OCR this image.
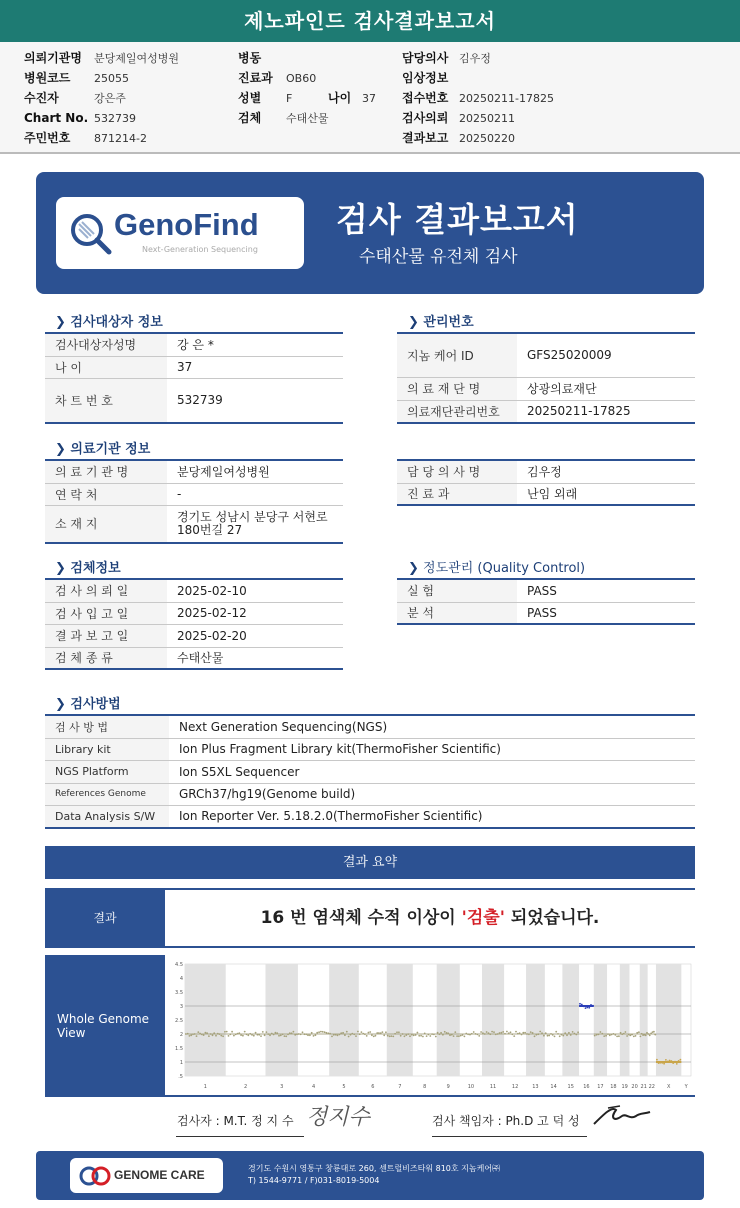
제노파인드 검사결과보고서
의뢰기관명 분당제일여성병원
병원코드 25055
수진자	강은주
Chart No. 532739
주민번호 871214-2
병동
진료과 OB60
성별 F	나이 37
검체 수태산물
담당의사 김우정
임상정보
접수번호 20250211-17825
검사의뢰 20250211
결과보고 20250220
GenoFind
Next-Generation Sequencing
검사 결과보고서
수태산물 유전체 검사
❯ 검사대상자 정보
검사대상자성명	강 은 *
나 이	37
차 트 번 호	532739
❯ 관리번호
지놈 케어 ID	GFS25020009
의 료 재 단 명	상광의료재단
의료재단관리번호	20250211-17825
❯ 의료기관 정보
의 료 기 관 명	분당제일여성병원
연 락 처	-
소 재 지	경기도 성남시 분당구 서현로 180번길 27
담 당 의 사 명	김우정
진 료 과	난임 외래
❯ 검체정보
검 사 의 뢰 일	2025-02-10
검 사 입 고 일	2025-02-12
결 과 보 고 일	2025-02-20
검 체 종 류	수태산물
❯ 정도관리 (Quality Control)
실 험	PASS
분 석	PASS
❯ 검사방법
검 사 방 법	Next Generation Sequencing(NGS)
Library kit	Ion Plus Fragment Library kit(ThermoFisher Scientific)
NGS Platform	Ion S5XL Sequencer
References Genome	GRCh37/hg19(Genome build)
Data Analysis S/W	Ion Reporter Ver. 5.18.2.0(ThermoFisher Scientific)
결과 요약
결과	16 번 염색체 수적 이상이 '검출' 되었습니다.
Whole Genome View
4.5
4
3.5
3
2.5
2
1.5
1
.5
1	2	3	4	5	6	7	8	9	10	11	12	13 14 15 16 17 18 19 20 21 22 X	Y
검사자 : M.T. 정 지 수 정지수	검사 책임자 : Ph.D 고 덕 성
GENOME CARE	경기도 수원시 영통구 창룡대로 260, 센트럴비즈타워 810호 지놈케어㈜
T) 1544-9771 / F)031-8019-5004
